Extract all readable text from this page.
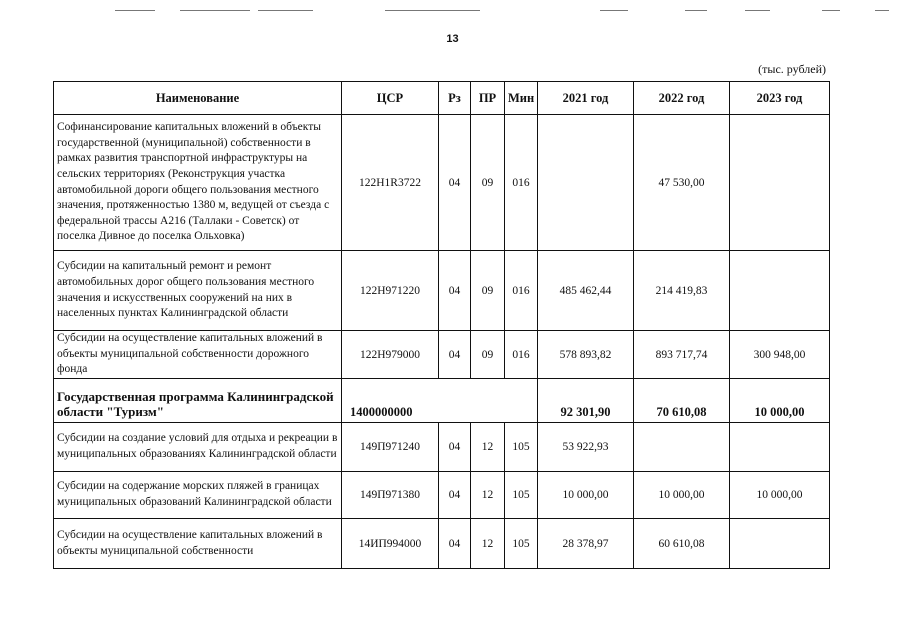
13
(тыс. рублей)
Наименование	ЦСР	Рз	ПР	Мин	2021 год	2022 год	2023 год
Софинансирование капитальных вложений в объекты государственной (муниципальной) собственности в рамках развития транспортной инфраструктуры на сельских территориях (Реконструкция участка автомобильной дороги общего пользования местного значения, протяженностью 1380 м, ведущей от съезда с федеральной трассы А216 (Таллаки - Советск) от поселка Дивное до поселка Ольховка)	122Н1R3722	04	09	016		47 530,00	
Субсидии на капитальный ремонт и ремонт автомобильных дорог общего пользования местного значения и искусственных сооружений на них в населенных пунктах Калининградской области	122Н971220	04	09	016	485 462,44	214 419,83	
Субсидии на осуществление капитальных вложений в объекты муниципальной собственности дорожного фонда	122Н979000	04	09	016	578 893,82	893 717,74	300 948,00
Государственная программа Калининградской области "Туризм"	1400000000				92 301,90	70 610,08	10 000,00
Субсидии на создание условий для отдыха и рекреации в муниципальных образованиях Калининградской области	149П971240	04	12	105	53 922,93		
Субсидии на содержание морских пляжей в границах муниципальных образований Калининградской области	149П971380	04	12	105	10 000,00	10 000,00	10 000,00
Субсидии на осуществление капитальных вложений в объекты муниципальной собственности	14ИП994000	04	12	105	28 378,97	60 610,08	
